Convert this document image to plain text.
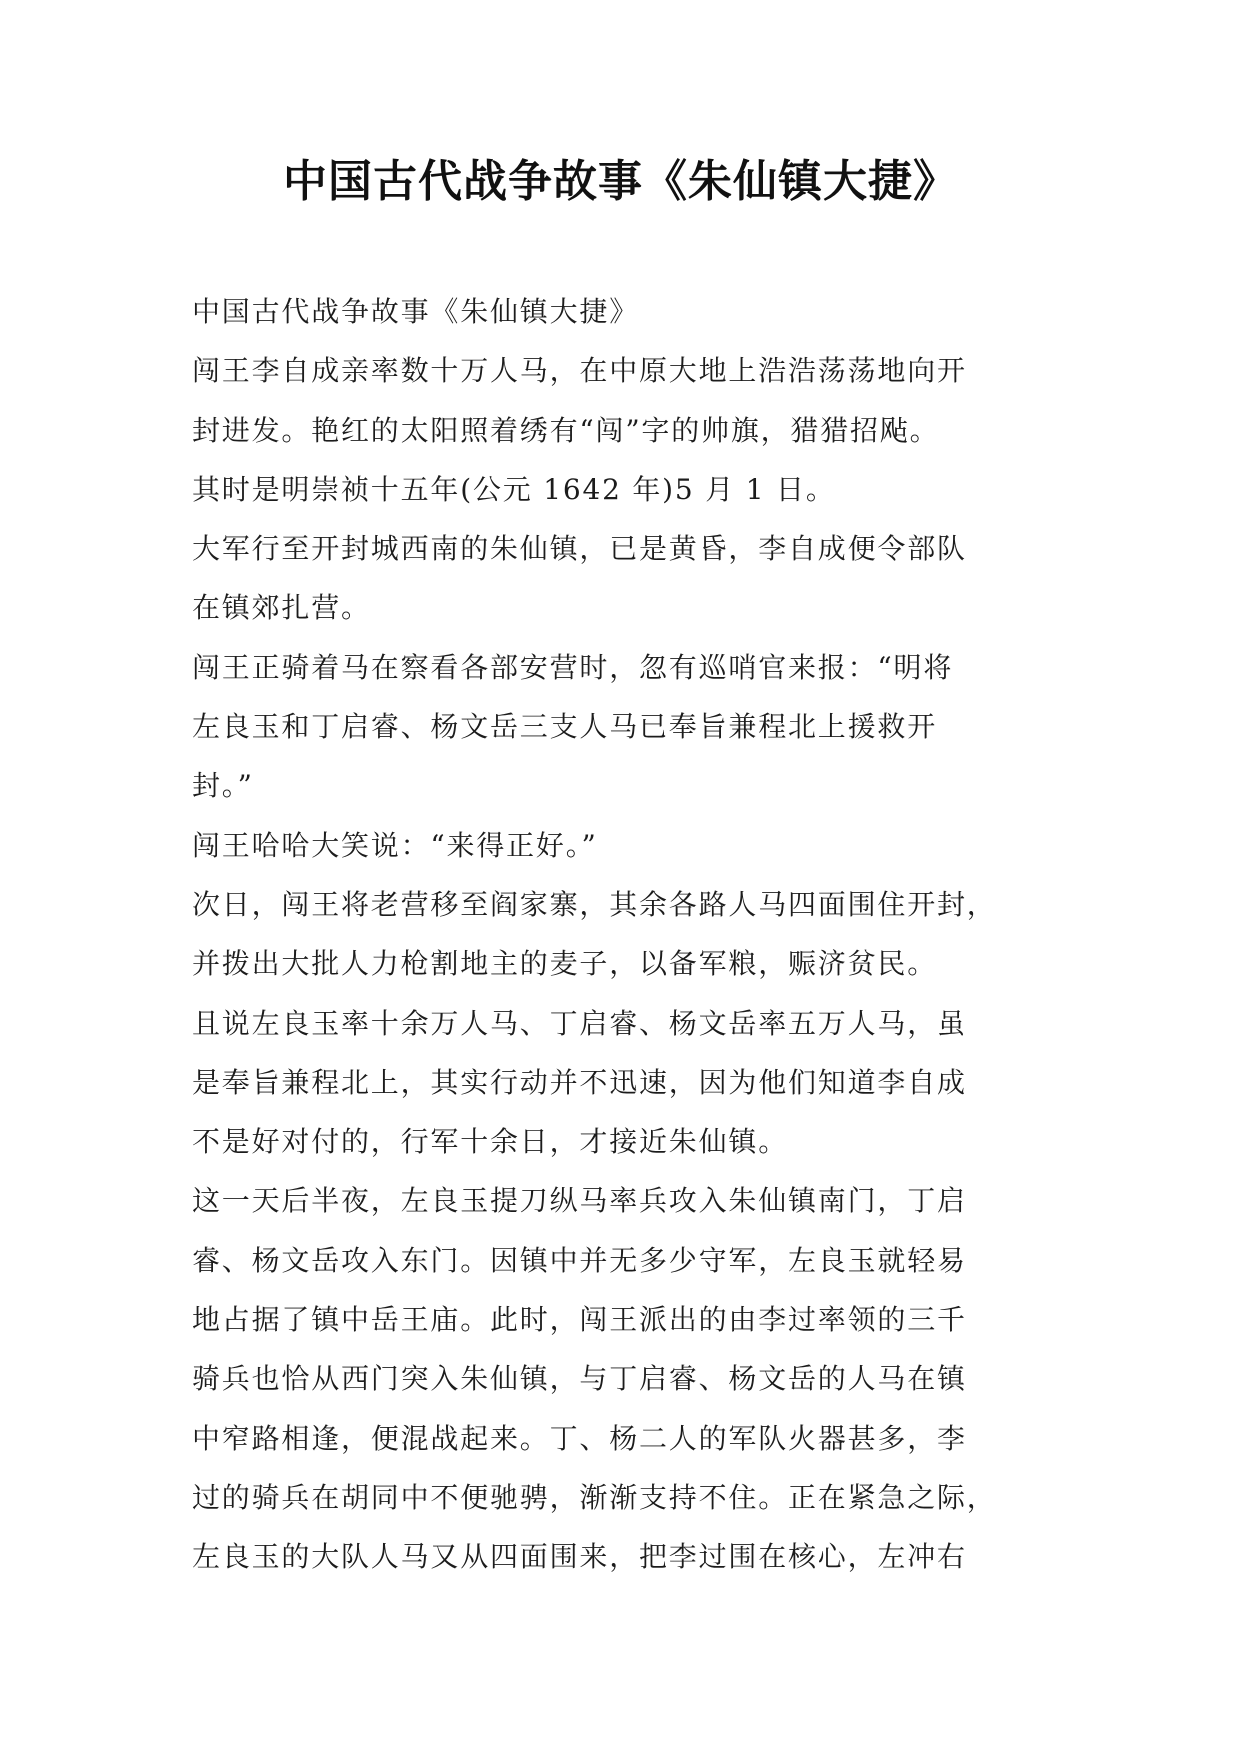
中国古代战争故事《朱仙镇大捷》
中国古代战争故事《朱仙镇大捷》
闯王李自成亲率数十万人马，在中原大地上浩浩荡荡地向开
封进发。艳红的太阳照着绣有“闯”字的帅旗，猎猎招飐。
其时是明崇祯十五年(公元 1642 年)5 月 1 日。
大军行至开封城西南的朱仙镇，已是黄昏，李自成便令部队
在镇郊扎营。
闯王正骑着马在察看各部安营时，忽有巡哨官来报：“明将
左良玉和丁启睿、杨文岳三支人马已奉旨兼程北上援救开
封。”
闯王哈哈大笑说：“来得正好。”
次日，闯王将老营移至阎家寨，其余各路人马四面围住开封，
并拨出大批人力枪割地主的麦子，以备军粮，赈济贫民。
且说左良玉率十余万人马、丁启睿、杨文岳率五万人马，虽
是奉旨兼程北上，其实行动并不迅速，因为他们知道李自成
不是好对付的，行军十余日，才接近朱仙镇。
这一天后半夜，左良玉提刀纵马率兵攻入朱仙镇南门，丁启
睿、杨文岳攻入东门。因镇中并无多少守军，左良玉就轻易
地占据了镇中岳王庙。此时，闯王派出的由李过率领的三千
骑兵也恰从西门突入朱仙镇，与丁启睿、杨文岳的人马在镇
中窄路相逢，便混战起来。丁、杨二人的军队火器甚多，李
过的骑兵在胡同中不便驰骋，渐渐支持不住。正在紧急之际，
左良玉的大队人马又从四面围来，把李过围在核心，左冲右
